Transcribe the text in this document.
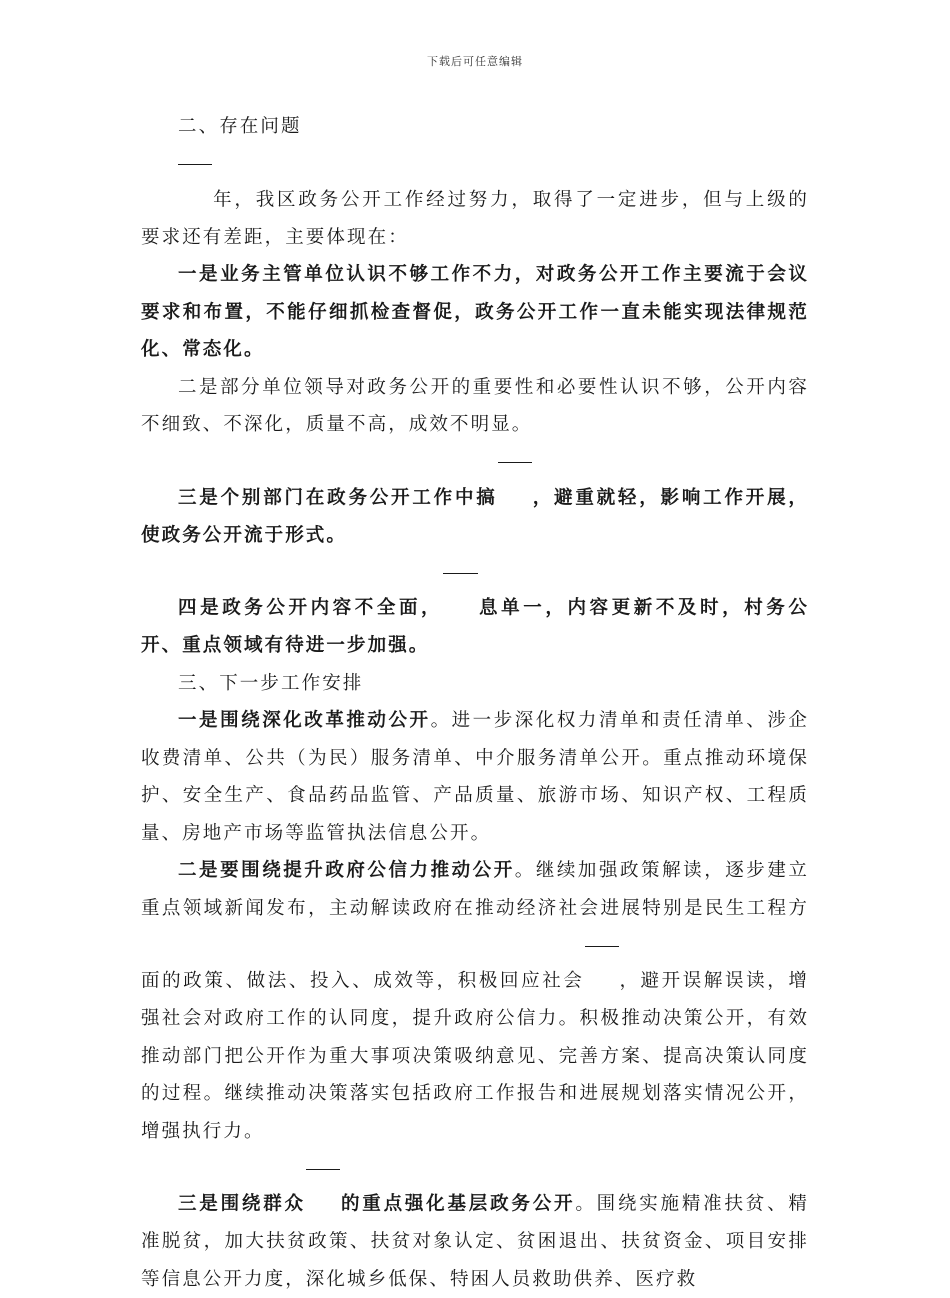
下载后可任意编辑

二、存在问题

年，我区政务公开工作经过努力，取得了一定进步，但与上级的要求还有差距，主要体现在：

一是业务主管单位认识不够工作不力，对政务公开工作主要流于会议要求和布置，不能仔细抓检查督促，政务公开工作一直未能实现法律规范化、常态化。

二是部分单位领导对政务公开的重要性和必要性认识不够，公开内容不细致、不深化，质量不高，成效不明显。

三是个别部门在政务公开工作中搞 ，避重就轻，影响工作开展，使政务公开流于形式。

四是政务公开内容不全面， 息单一，内容更新不及时，村务公开、重点领域有待进一步加强。

三、下一步工作安排

一是围绕深化改革推动公开。进一步深化权力清单和责任清单、涉企收费清单、公共（为民）服务清单、中介服务清单公开。重点推动环境保护、安全生产、食品药品监管、产品质量、旅游市场、知识产权、工程质量、房地产市场等监管执法信息公开。

二是要围绕提升政府公信力推动公开。继续加强政策解读，逐步建立重点领域新闻发布，主动解读政府在推动经济社会进展特别是民生工程方面的政策、做法、投入、成效等，积极回应社会 ，避开误解误读，增强社会对政府工作的认同度，提升政府公信力。积极推动决策公开，有效推动部门把公开作为重大事项决策吸纳意见、完善方案、提高决策认同度的过程。继续推动决策落实包括政府工作报告和进展规划落实情况公开，增强执行力。

三是围绕群众 的重点强化基层政务公开。围绕实施精准扶贫、精准脱贫，加大扶贫政策、扶贫对象认定、贫困退出、扶贫资金、项目安排等信息公开力度，深化城乡低保、特困人员救助供养、医疗救
